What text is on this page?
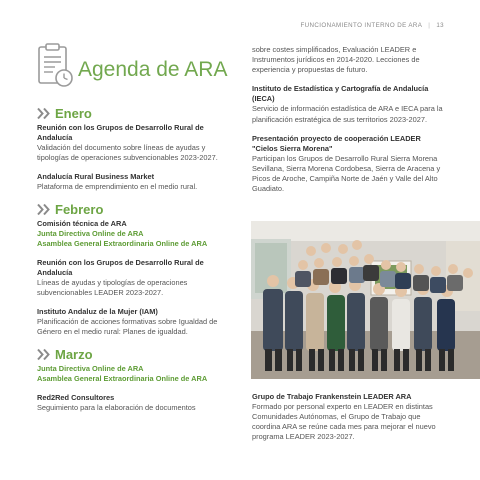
FUNCIONAMIENTO INTERNO DE ARA | 13
Agenda de ARA
Enero
Reunión con los Grupos de Desarrollo Rural de Andalucía
Validación del documento sobre líneas de ayudas y tipologías de operaciones subvencionables 2023-2027.
Andalucía Rural Business Market
Plataforma de emprendimiento en el medio rural.
Febrero
Comisión técnica de ARA
Junta Directiva Online de ARA
Asamblea General Extraordinaria Online de ARA
Reunión con los Grupos de Desarrollo Rural de Andalucía
Líneas de ayudas y tipologías de operaciones subvencionables LEADER 2023-2027.
Instituto Andaluz de la Mujer (IAM)
Planificación de acciones formativas sobre Igualdad de Género en el medio rural: Planes de igualdad.
Marzo
Junta Directiva Online de ARA
Asamblea General Extraordinaria Online de ARA
Red2Red Consultores
Seguimiento para la elaboración de documentos
sobre costes simplificados, Evaluación LEADER e Instrumentos jurídicos en 2014-2020. Lecciones de experiencia y propuestas de futuro.
Instituto de Estadística y Cartografía de Andalucía (IECA)
Servicio de información estadística de ARA e IECA para la planificación estratégica de sus territorios 2023-2027.
Presentación proyecto de cooperación LEADER "Cielos Sierra Morena"
Participan los Grupos de Desarrollo Rural Sierra Morena Sevillana, Sierra Morena Cordobesa, Sierra de Aracena y Picos de Aroche, Campiña Norte de Jaén y Valle del Alto Guadiato.
Grupo de Trabajo Frankenstein LEADER ARA
Formado por personal experto en LEADER en distintas Comunidades Autónomas, el Grupo de Trabajo que coordina ARA se reúne cada mes para mejorar el nuevo programa LEADER 2023-2027.
